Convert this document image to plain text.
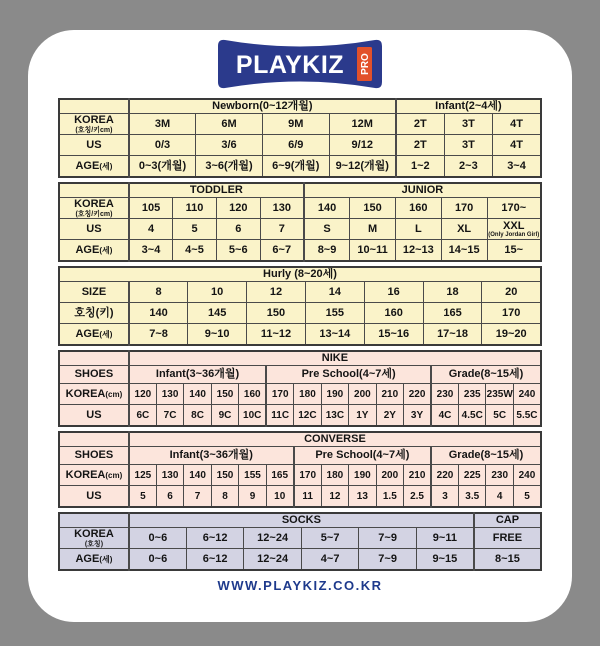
PLAYKIZ PRO
	Newborn(0~12개월)				Infant(2~4세)		
KOREA
(호칭/키cm)	3M	6M	9M	12M	2T	3T	4T
US	0/3	3/6	6/9	9/12	2T	3T	4T
AGE(세)	0~3(개월)	3~6(개월)	6~9(개월)	9~12(개월)	1~2	2~3	3~4
	TODDLER				JUNIOR				
KOREA
(호칭/키cm)	105	110	120	130	140	150	160	170	170~
US	4	5	6	7	S	M	L	XL	XXL
(Only Jordan Girl)

AGE(세)	3~4	4~5	5~6	6~7	8~9	10~11	12~13	14~15	15~
Hurly (8~20세)							
SIZE	8	10	12	14	16	18	20
호칭(키)	140	145	150	155	160	165	170
AGE(세)	7~8	9~10	11~12	13~14	15~16	17~18	19~20
	NIKE														
SHOES	Infant(3~36개월)					Pre School(4~7세)						Grade(8~15세)			
KOREA(cm)	120	130	140	150	160	170	180	190	200	210	220	230	235	235W	240
US	6C	7C	8C	9C	10C	11C	12C	13C	1Y	2Y	3Y	4C	4.5C	5C	5.5C
	CONVERSE														
SHOES	Infant(3~36개월)						Pre School(4~7세)					Grade(8~15세)			
KOREA(cm)	125	130	140	150	155	165	170	180	190	200	210	220	225	230	240
US	5	6	7	8	9	10	11	12	13	1.5	2.5	3	3.5	4	5
	SOCKS						CAP
KOREA
(호칭)	0~6	6~12	12~24	5~7	7~9	9~11	FREE
AGE(세)	0~6	6~12	12~24	4~7	7~9	9~15	8~15
WWW.PLAYKIZ.CO.KR
